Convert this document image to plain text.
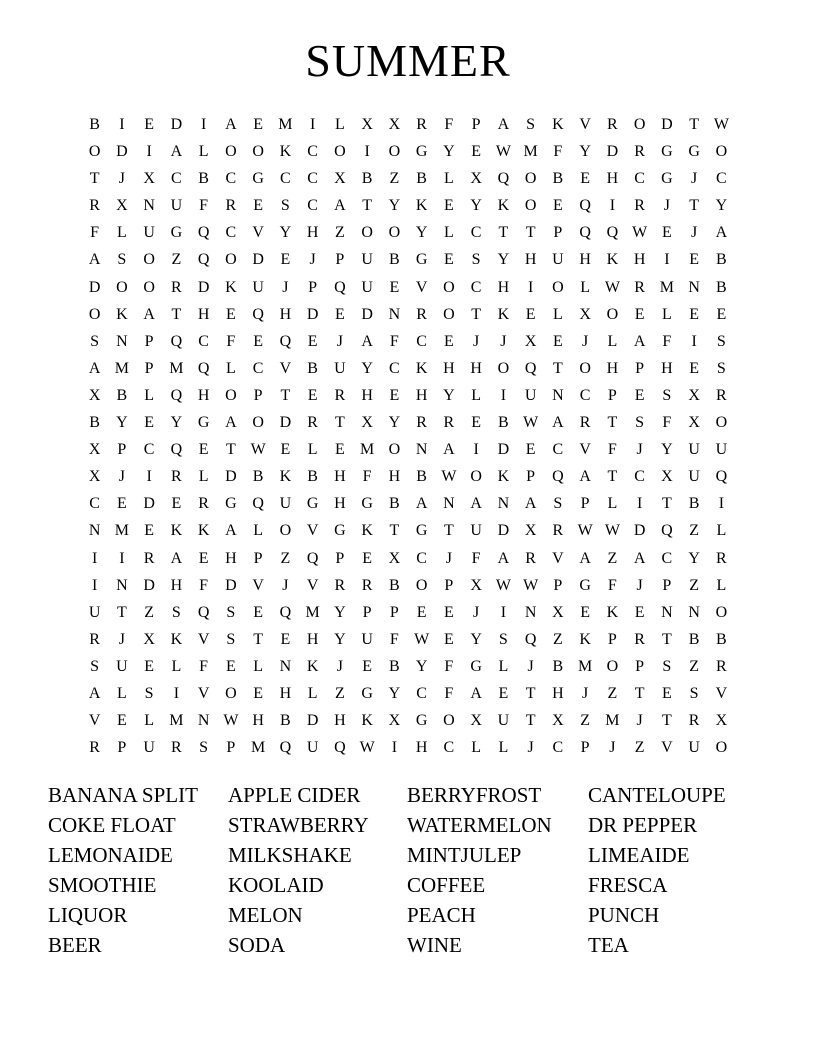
SUMMER
B	I	E	D	I	A	E M	I	L	X X	R	F	P	A	S	K V	R	O D	T W
O D	I	A	L	O O K	C	O	I	O G Y	E W M F	Y D	R	G G O
T	J	X	C	B	C	G	C	C	X	B	Z	B	L	X Q O	B	E	H	C	G	J	C
R	X N U	F	R	E	S	C	A	T	Y K	E	Y K O	E	Q	I	R	J	T	Y
F	L	U G Q	C	V Y H	Z	O O Y	L	C	T	T	P	Q Q W E	J	A
A	S	O	Z	Q O D	E	J	P	U	B	G	E	S	Y H U H K H	I	E	B
D O O	R	D K U	J	P	Q U	E	V O	C	H	I	O	L W R M N	B
O K A	T	H	E	Q H D	E	D N	R	O	T	K	E	L	X O	E	L	E	E
S	N	P	Q	C	F	E	Q	E	J	A	F	C	E	J	J	X	E	J	L	A	F	I	S
A M P M Q	L	C	V	B	U Y	C	K H H O Q	T	O H	P	H	E	S
X	B	L	Q H O	P	T	E	R	H	E	H Y	L	I	U N	C	P	E	S	X	R
B	Y	E	Y G A O D	R	T	X Y	R	R	E	B W A	R	T	S	F	X O
X	P	C	Q	E	T W E	L	E M O N A	I	D	E	C	V	F	J	Y U U
X	J	I	R	L	D	B	K	B	H	F	H	B W O K	P	Q A	T	C	X U Q
C	E	D	E	R	G Q U G H G	B	A N A N A	S	P	L	I	T	B	I
N M E	K K A	L	O V G K	T	G	T	U D X	R W W D Q	Z	L
I	I	R	A	E	H	P	Z	Q	P	E	X	C	J	F	A	R	V A	Z	A	C	Y	R
I	N D H	F	D V	J	V	R	R	B	O	P	X W W P	G	F	J	P	Z	L
U	T	Z	S	Q	S	E	Q M Y	P	P	E	E	J	I	N X	E	K	E	N N O
R	J	X K V	S	T	E	H Y U	F W E	Y	S	Q	Z	K	P	R	T	B	B
S	U	E	L	F	E	L	N K	J	E	B	Y	F	G	L	J	B M O	P	S	Z	R
A	L	S	I	V O	E	H	L	Z	G Y	C	F	A	E	T	H	J	Z	T	E	S	V
V	E	L M N W H	B	D H K X G O X U	T	X	Z M	J	T	R	X
R	P	U	R	S	P M Q U Q W	I	H	C	L	L	J	C	P	J	Z	V U O
BANANA SPLIT
COKE FLOAT
LEMONAIDE
SMOOTHIE
LIQUOR
BEER
APPLE CIDER
STRAWBERRY
MILKSHAKE
KOOLAID
MELON
SODA
BERRYFROST
WATERMELON
MINTJULEP
COFFEE
PEACH
WINE
CANTELOUPE
DR PEPPER
LIMEAIDE
FRESCA
PUNCH
TEA
